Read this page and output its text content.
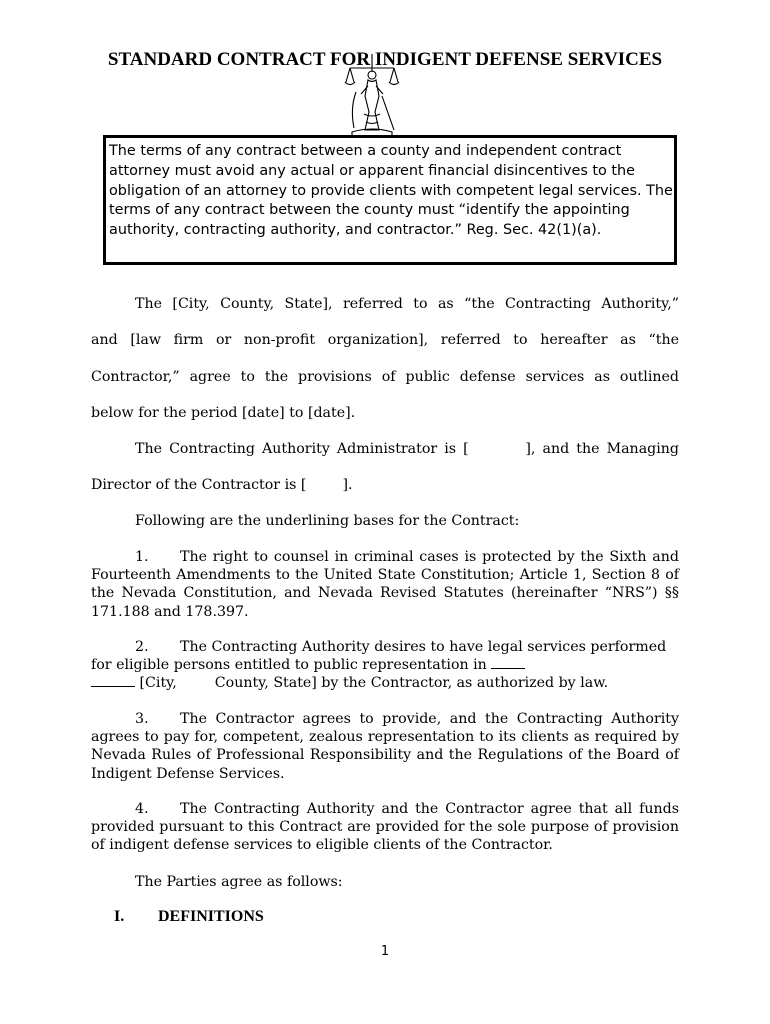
STANDARD CONTRACT FOR INDIGENT DEFENSE SERVICES
The terms of any contract between a county and independent contract attorney must avoid any actual or apparent financial disincentives to the obligation of an attorney to provide clients with competent legal services. The terms of any contract between the county must “identify the appointing authority, contracting authority, and contractor.” Reg. Sec. 42(1)(a).
The [City, County, State], referred to as “the Contracting Authority,”
and [law firm or non-profit organization], referred to hereafter as “the
Contractor,” agree to the provisions of public defense services as outlined
below for the period [date] to [date].
The Contracting Authority Administrator is [        ], and the Managing
Director of the Contractor is [        ].
Following are the underlining bases for the Contract:
1. The right to counsel in criminal cases is protected by the Sixth and Fourteenth Amendments to the United State Constitution; Article 1, Section 8 of the Nevada Constitution, and Nevada Revised Statutes (hereinafter “NRS”) §§ 171.188 and 178.397.
2. The Contracting Authority desires to have legal services performed for eligible persons entitled to public representation in
[City,	County, State] by the Contractor, as authorized by law.
3. The Contractor agrees to provide, and the Contracting Authority agrees to pay for, competent, zealous representation to its clients as required by Nevada Rules of Professional Responsibility and the Regulations of the Board of Indigent Defense Services.
4. The Contracting Authority and the Contractor agree that all funds provided pursuant to this Contract are provided for the sole purpose of provision of indigent defense services to eligible clients of the Contractor.
The Parties agree as follows:
I. DEFINITIONS
1
